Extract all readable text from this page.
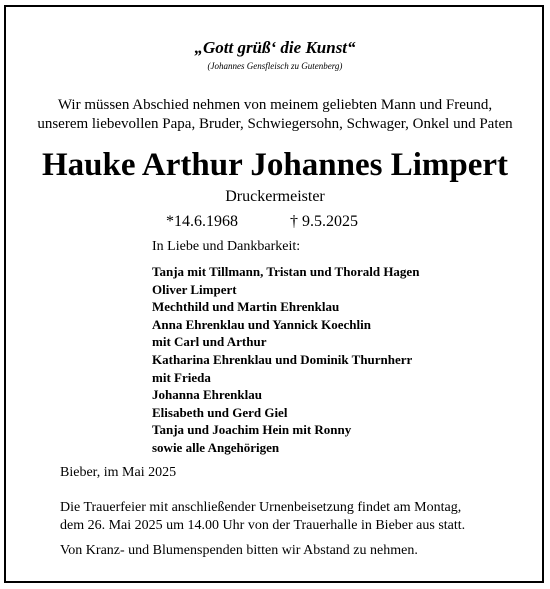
„Gott grüß‘ die Kunst“
(Johannes Gensfleisch zu Gutenberg)
Wir müssen Abschied nehmen von meinem geliebten Mann und Freund,
unserem liebevollen Papa, Bruder, Schwiegersohn, Schwager, Onkel und Paten
Hauke Arthur Johannes Limpert
Druckermeister
*14.6.1968	† 9.5.2025
In Liebe und Dankbarkeit:
Tanja mit Tillmann, Tristan und Thorald Hagen
Oliver Limpert
Mechthild und Martin Ehrenklau
Anna Ehrenklau und Yannick Koechlin
mit Carl und Arthur
Katharina Ehrenklau und Dominik Thurnherr
mit Frieda
Johanna Ehrenklau
Elisabeth und Gerd Giel
Tanja und Joachim Hein mit Ronny
sowie alle Angehörigen
Bieber, im Mai 2025
Die Trauerfeier mit anschließender Urnenbeisetzung findet am Montag,
dem 26. Mai 2025 um 14.00 Uhr von der Trauerhalle in Bieber aus statt.
Von Kranz- und Blumenspenden bitten wir Abstand zu nehmen.
